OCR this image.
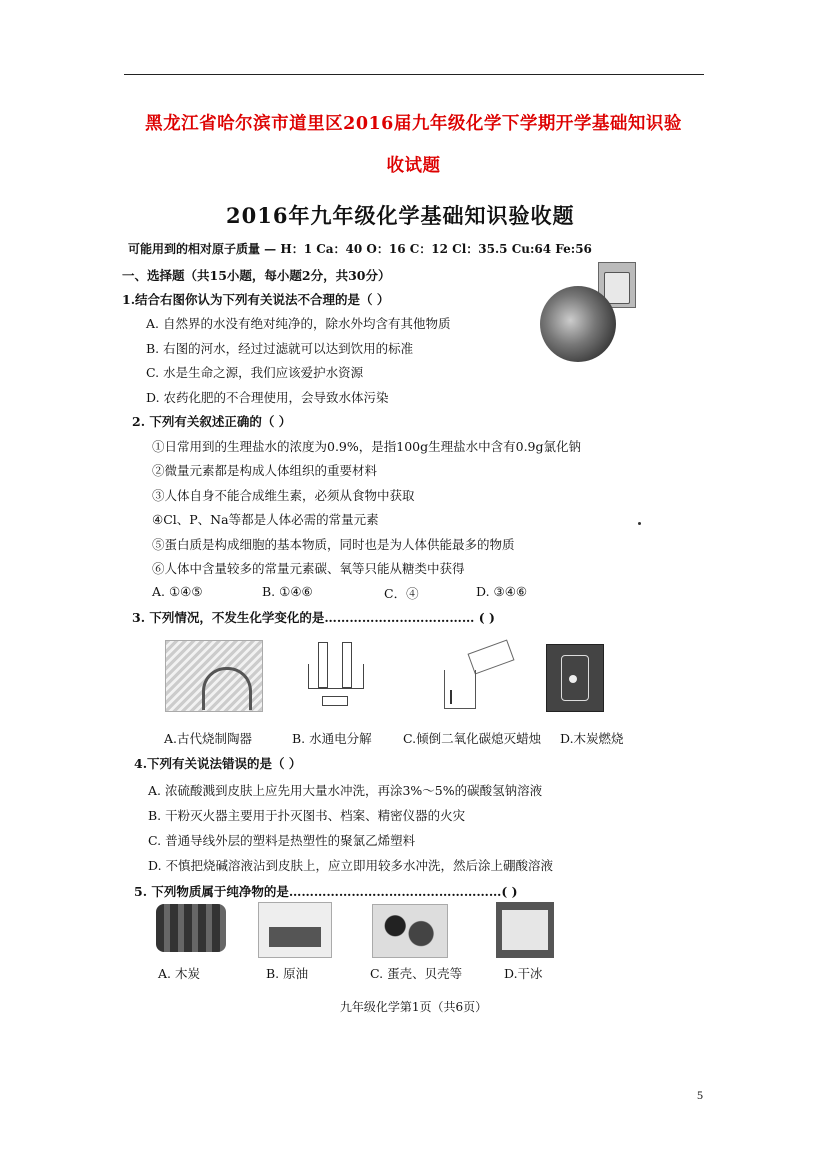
黑龙江省哈尔滨市道里区2016届九年级化学下学期开学基础知识验
收试题
2016年九年级化学基础知识验收题
可能用到的相对原子质量 — H：1 Ca：40 O：16 C：12 Cl：35.5 Cu:64 Fe:56
一、选择题（共15小题，每小题2分，共30分）
1.结合右图你认为下列有关说法不合理的是（ ）
A. 自然界的水没有绝对纯净的，除水外均含有其他物质
B. 右图的河水，经过过滤就可以达到饮用的标准
C. 水是生命之源，我们应该爱护水资源
D. 农药化肥的不合理使用，会导致水体污染
2. 下列有关叙述正确的（ ）
①日常用到的生理盐水的浓度为0.9%，是指100g生理盐水中含有0.9g氯化钠
②微量元素都是构成人体组织的重要材料
③人体自身不能合成维生素，必须从食物中获取
④Cl、P、Na等都是人体必需的常量元素
⑤蛋白质是构成细胞的基本物质，同时也是为人体供能最多的物质
⑥人体中含量较多的常量元素碳、氧等只能从糖类中获得
A. ①④⑤	B. ①④⑥	C．④	D. ③④⑥
3. 下列情况，不发生化学变化的是……………………………… ( )
A.古代烧制陶器	B. 水通电分解	C.倾倒二氧化碳熄灭蜡烛 D.木炭燃烧
4.下列有关说法错误的是（ ）
A. 浓硫酸溅到皮肤上应先用大量水冲洗，再涂3%～5%的碳酸氢钠溶液
B. 干粉灭火器主要用于扑灭图书、档案、精密仪器的火灾
C. 普通导线外层的塑料是热塑性的聚氯乙烯塑料
D. 不慎把烧碱溶液沾到皮肤上，应立即用较多水冲洗，然后涂上硼酸溶液
5. 下列物质属于纯净物的是……………………………………………( )
A. 木炭	B. 原油	C. 蛋壳、贝壳等	D.干冰
九年级化学第1页（共6页）
5
